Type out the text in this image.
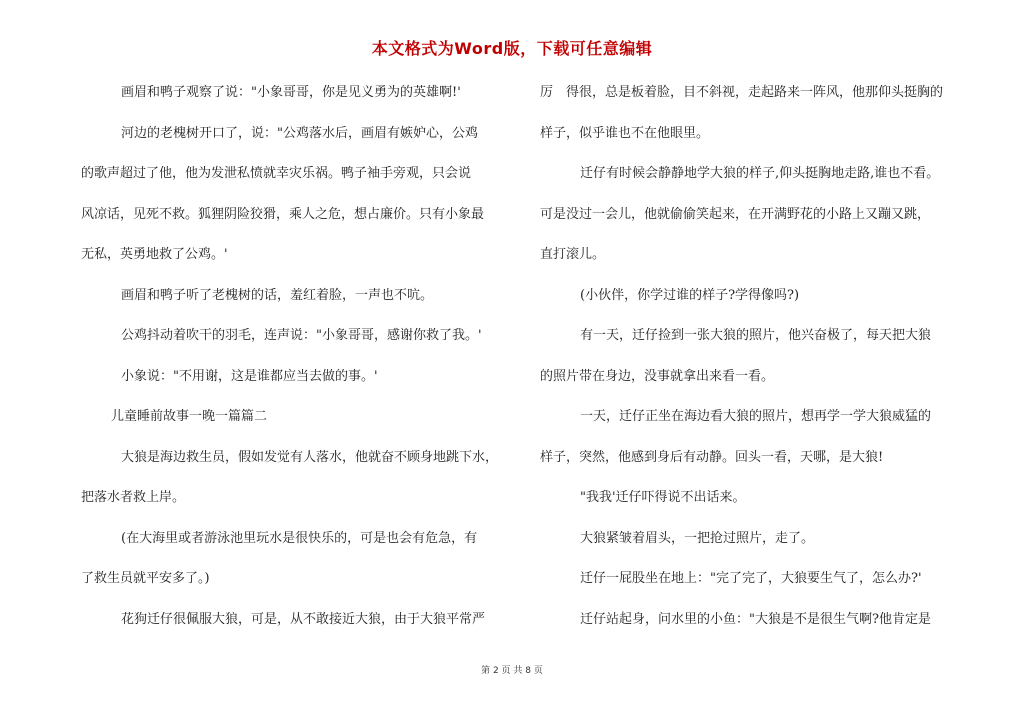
本文格式为Word版，下载可任意编辑
画眉和鸭子观察了说："小象哥哥，你是见义勇为的英雄啊!'
河边的老槐树开口了，说："公鸡落水后，画眉有嫉妒心，公鸡
的歌声超过了他，他为发泄私愤就幸灾乐祸。鸭子袖手旁观，只会说
风凉话，见死不救。狐狸阴险狡猾，乘人之危，想占廉价。只有小象最
无私，英勇地救了公鸡。'
画眉和鸭子听了老槐树的话，羞红着脸，一声也不吭。
公鸡抖动着吹干的羽毛，连声说："小象哥哥，感谢你救了我。'
小象说："不用谢，这是谁都应当去做的事。'
儿童睡前故事一晚一篇篇二
大狼是海边救生员，假如发觉有人落水，他就奋不顾身地跳下水，
把落水者救上岸。
(在大海里或者游泳池里玩水是很快乐的，可是也会有危急，有
了救生员就平安多了。)
花狗迁仔很佩服大狼，可是，从不敢接近大狼，由于大狼平常严
厉　得很，总是板着脸，目不斜视，走起路来一阵风，他那仰头挺胸的
样子，似乎谁也不在他眼里。
迁仔有时候会静静地学大狼的样子,仰头挺胸地走路,谁也不看。
可是没过一会儿，他就偷偷笑起来，在开满野花的小路上又蹦又跳，
直打滚儿。
(小伙伴，你学过谁的样子?学得像吗?)
有一天，迁仔捡到一张大狼的照片，他兴奋极了，每天把大狼
的照片带在身边，没事就拿出来看一看。
一天，迁仔正坐在海边看大狼的照片，想再学一学大狼威猛的
样子，突然，他感到身后有动静。回头一看，天哪，是大狼!
"我我'迁仔吓得说不出话来。
大狼紧皱着眉头，一把抢过照片，走了。
迁仔一屁股坐在地上："完了完了，大狼要生气了，怎么办?'
迁仔站起身，问水里的小鱼："大狼是不是很生气啊?他肯定是
第 2 页 共 8 页
